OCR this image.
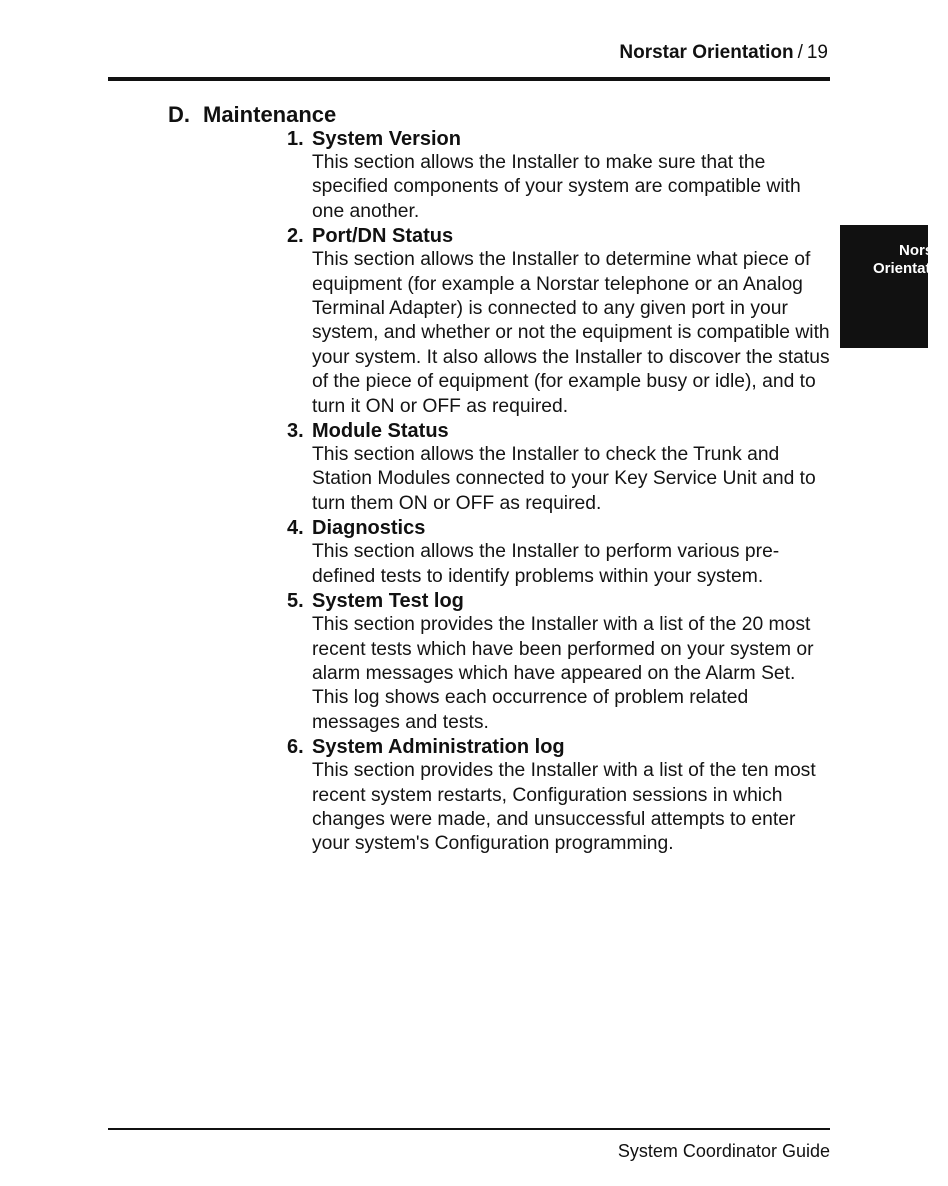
Norstar Orientation / 19
D. Maintenance
1. System Version

This section allows the Installer to make sure that the specified components of your system are compatible with one another.

2. Port/DN Status

This section allows the Installer to determine what piece of equipment (for example a Norstar telephone or an Analog Terminal Adapter) is connected to any given port in your system, and whether or not the equipment is compatible with your system. It also allows the Installer to discover the status of the piece of equipment (for example busy or idle), and to turn it ON or OFF as required.

3. Module Status

This section allows the Installer to check the Trunk and Station Modules connected to your Key Service Unit and to turn them ON or OFF as required.

4. Diagnostics

This section allows the Installer to perform various pre-defined tests to identify problems within your system.

5. System Test log

This section provides the Installer with a list of the 20 most recent tests which have been performed on your system or alarm messages which have appeared on the Alarm Set. This log shows each occurrence of problem related messages and tests.

6. System Administration log

This section provides the Installer with a list of the ten most recent system restarts, Configuration sessions in which changes were made, and unsuccessful attempts to enter your system's Configuration programming.

Norst
Orientati
System Coordinator Guide
